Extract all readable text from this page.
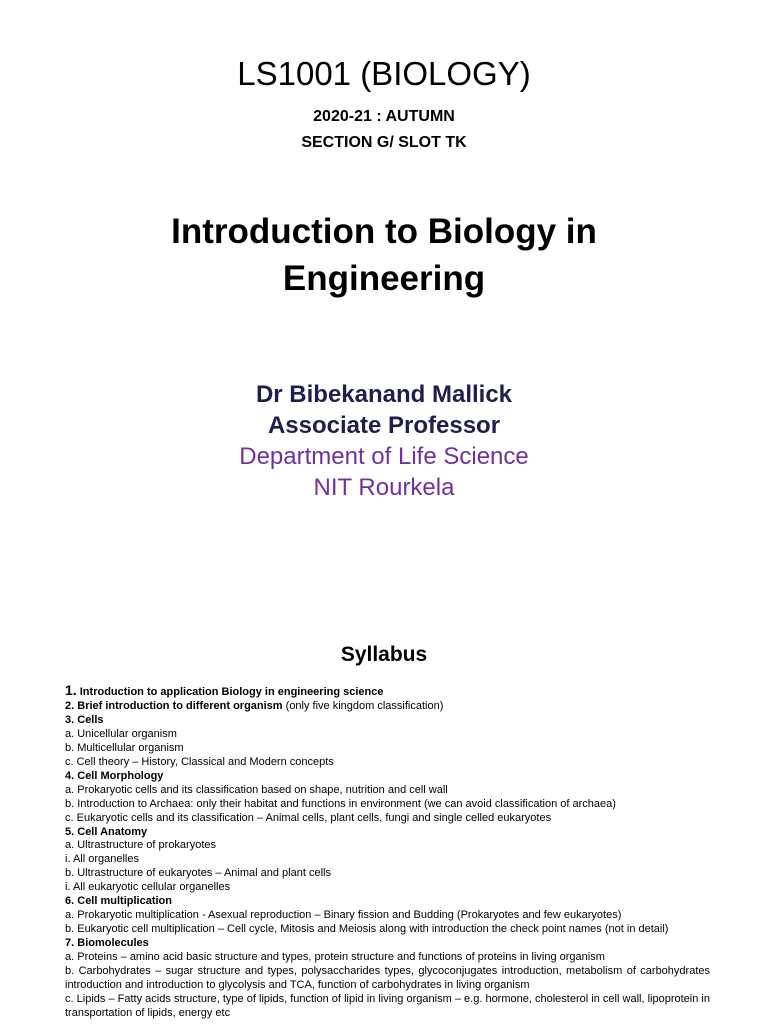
LS1001 (BIOLOGY)
2020-21 : AUTUMN
SECTION G/ SLOT TK
Introduction to Biology in
Engineering
Dr Bibekanand Mallick
Associate Professor
Department of Life Science
NIT Rourkela
Syllabus
1. Introduction to application Biology in engineering science
2. Brief introduction to different organism (only five kingdom classification)
3. Cells
a. Unicellular organism
b. Multicellular organism
c. Cell theory – History, Classical and Modern concepts
4. Cell Morphology
a. Prokaryotic cells and its classification based on shape, nutrition and cell wall
b. Introduction to Archaea: only their habitat and functions in environment (we can avoid classification of archaea)
c. Eukaryotic cells and its classification – Animal cells, plant cells, fungi and single celled eukaryotes
5. Cell Anatomy
a. Ultrastructure of prokaryotes
i. All organelles
b. Ultrastructure of eukaryotes – Animal and plant cells
i. All eukaryotic cellular organelles
6. Cell multiplication
a. Prokaryotic multiplication - Asexual reproduction – Binary fission and Budding (Prokaryotes and few eukaryotes)
b. Eukaryotic cell multiplication – Cell cycle, Mitosis and Meiosis along with introduction the check point names (not in detail)
7. Biomolecules
a. Proteins – amino acid basic structure and types, protein structure and functions of proteins in living organism
b. Carbohydrates – sugar structure and types, polysaccharides types, glycoconjugates introduction, metabolism of carbohydrates introduction and introduction to glycolysis and TCA, function of carbohydrates in living organism
c. Lipids – Fatty acids structure, type of lipids, function of lipid in living organism – e.g. hormone, cholesterol in cell wall, lipoprotein in transportation of lipids, energy etc
